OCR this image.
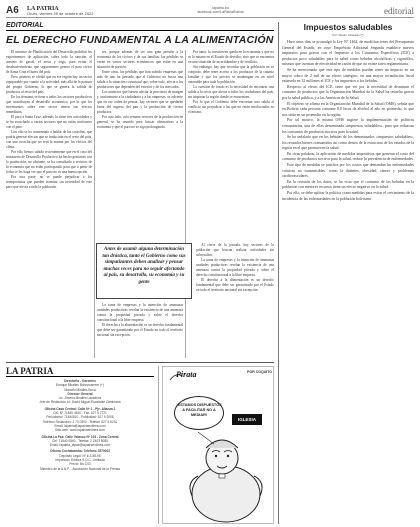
A6	LA PATRIA
Oruro, viernes 28 de octubre de 2022
lapatria.bo
facebook.com/LaPatriaBolivia	editorial
EDITORIAL
EL DERECHO FUNDAMENTAL A LA ALIMENTACIÓN

El ministro de Planificación del Desarrollo prohibió los experimentos de aplicación, sobre todo la sanción, el asesino de gasoil, el arroz y trigo, para evitar el desabastecimiento que seguramente genera el paro cívico de Santa Cruz el lunes del país.

Pero, primero se olvidó que en ese región hay un sector equiparable por cuanto a la actividad, más allá de la postura del propio Gobierno, lo que se genera la subida de productos al resto del país.

En los términos se tiene a todos los sectores productivos que contribuyen al desarrollo económico, por lo que los incrementos sobre este sector tienen sus efectos inmediatos.

El paro a Santa Cruz, además, lo tiene tres actividades y se ha escuchado a varios sectores que no están conformes con el paro.

Con ello se ha comenzado a hablar de las cosechas, que podría generar efectos que se traducirán en el resto del país, con una cosecha que no será la misma por los efectos del clima.

Por ello, hemos sabido recientemente que en el caso del ministerio de Desarrollo Productivo ha hecho gestiones con la producción, no obstante, se ha consultado a sectores de la economía que no están participando para que a partir de fecha se les haga ver que el paro no es una buena opción.

Por otra parte, no se puede perjudicar a los transportistas que pueden transitar sin necesidad de este paro que afecta a toda la población.

res, porque además de ser una gran presión a la economía de los cívicos y de sus familias, las pérdidas se verán en varios sectores económicos que están en una situación de presión.

Entre otras, las pérdidas que han sufrido empresas que más de uno ha pensado que el Gobierno no busca una salida a la situación coyuntural que, sobre todo, afecta a los productores que dependen del exterior y de los mercados.

Los anuncios que fuesen afectar la provincia de margen y conformarse a la ciudadanía y a las empresas, se advierte que en ese orden de pensar, hay sectores que se quedarán fuera del ingreso del pan y la producción de ciertos productos.

Por otro lado, esta semana sectores de la producción en general, se ha reunido para buscar alternativas a la economía y que el paro no se siga prolongando.

La toma de empresas y la intención de amenazar unidades productivas revelan la existencia de una amenaza contra la propiedad privada y sobre el derecho constitucional a la libre empresa.

El derecho a la alimentación es un derecho fundamental que debe ser garantizado por el Estado en todo el territorio nacional sin excepción.

Por tanto, la cuestión no queda en la economía y que no es lo mismo en el Estado de derecho, sino que se encuentra en una situación de incertidumbre y de conflicto.

Sin embargo, hay que recordar que la población en su conjunto, debe tener acceso a los productos de la canasta familiar y que los precios se mantengan en un nivel razonable para toda la población.

La cuestión de fondo es la necesidad de encontrar una salida a la crisis que afecta a todos los ciudadanos del país, sin importar la región donde se encuentren.

Por lo que el Gobierno debe encontrar una salida al conflicto sin perjudicar a los que no están involucrados en el mismo.

Al cierre de la jornada, hay sectores de la población que buscan realizar actividades sin sobresaltos.

La toma de empresas y la intención de amenazar unidades productivas revelan la existencia de una amenaza contra la propiedad privada y sobre el derecho constitucional a la libre empresa.

El derecho a la alimentación es un derecho fundamental que debe ser garantizado por el Estado en todo el territorio nacional sin excepción.

Antes de asumir alguna determinación tan drástica, tanto el Gobierno como sus simpatizantes deben analizar y pensar muchas veces para no seguir afectando al país, su desarrollo, su economía y su gente
Impuestos saludables
Por: Mauro Alvarado (*)

Hace unos días se promulgó la Ley N° 1462, de modificaciones del Presupuesto General del Estado, en cuyo Empréstito Adicional Segunda establece nuevos impuestos para gravar con el Impuesto a los Consumos Específicos (ICE) a productos poco saludables para la salud como bebidas alcohólicas y cigarrillos, mismos que cuentan de efectividad en razón de que no existe tarea reglamentaria.

Se ha mencionado que este tipo de medidas pueden tener un impacto en un mayor cobro de 2 mil de un efecto sinérgico, en una mayor recaudación fiscal estimada en 32 millones el ICE y los impuestos a los bebidas.

Respecto al efecto del ICE, tiene que ver por la necesidad de disminuir el consumo de productos que la Organización Mundial de la Salud ha resuelto gravar por la salud pública, y a las Américas de la Salud.

El objetivo se afirma en la Organización Mundial de la Salud (OMS), señala que en Bolivia cada persona consume 8,8 litros de alcohol al año en promedio, lo que nos sitúa en un promedio en la región.

Por tal motivo, la misma OMS sugiere la implementación de políticas comunitarias, una de ellas denominada «impuestos saludables», para que reduzcan los consumos de productos nocivos para la salud.

Se ha señalado que en los bebidas de los denominados «impuestos saludables», los recaudos bienes consumidos así como dentro de la estructura de los estados de la región en el que promueven la salud.

En otras palabras, la aplicación de medidas impositivas que generan el costo del consumo de productos nocivos para la salud, reduce la prevalencia de enfermedades.

Este tipo de medidas se justifica por los costos que demandan las enfermedades crónicas no transmisibles, como la diabetes, obesidad, cáncer y problemas cardiovasculares.

En la revisión de los datos, se ha visto que el consumo de las bebidas en la población con menores recursos tiene un efecto negativo en la salud.

Por ello, se debe aplicar la política como medidas para evitar el crecimiento de la incidencia de las enfermedades en la población boliviana.

LA PATRIA
Directorio - Gerentes
Enrique Miralles Bonnecarrere (+)
Marcelo Miralles Bova
Director General
Lic. Jimena Miralles Lavadenz
Jefe de Redacción a.i: David Miguel Escalante Zambrana
Oficina Casa Central: Calle Nº 1 - Pje. Alianza 1
Cel: Nº 71845 4540 - Fax: 527 5 2721
Periodismo: 71840510 - Publicidad: 527 5 3008
Teléfono Redacción: 2 73 0300 - Telefax: 527 5 6231
Email: lapatria@lapatriaenlinea.com
Sitio web: www.lapatriaenlinea.com
Oficina La Paz: Calle Velasco Nº 103 - Zona Central
Cel: 71640 0560 - Telefax: 2 2403 5085
Email: lapatria_lapaz@lapatriaenlinea.com
Oficina Cochabamba: Telefono 7870002
Depósito Legal: Nº 6-3-58-95
Impresión: Editora S.O.C. Limitada
Precio: Bs 3,00
Miembro de la A.N.P. - Asociación Nacional de la Prensa
Pirata	POR COQUITO
¡ESTAMOS DISPUESTOS A FACILITAR NO A MEDIAR!
IGLESIA
